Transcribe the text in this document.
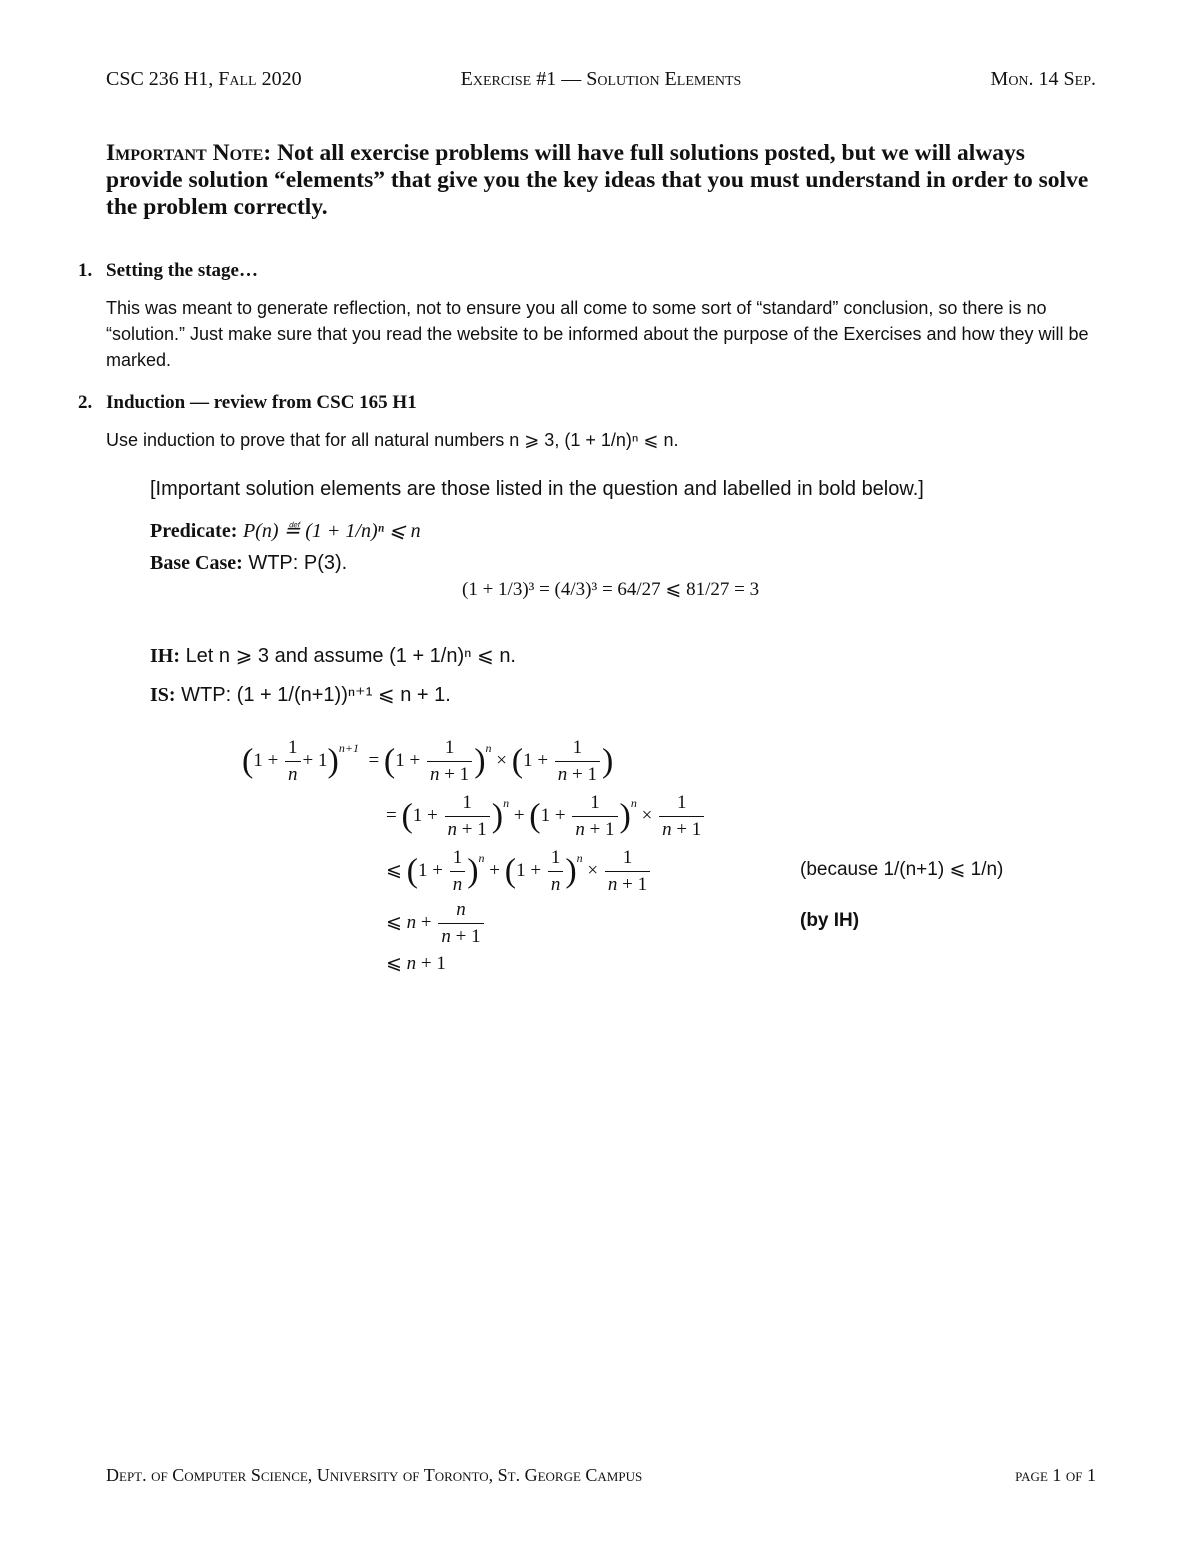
CSC 236 H1, Fall 2020	Exercise #1 — Solution Elements	Mon. 14 Sep.
Important Note: Not all exercise problems will have full solutions posted, but we will always provide solution “elements” that give you the key ideas that you must understand in order to solve the problem correctly.
1. Setting the stage…
This was meant to generate reflection, not to ensure you all come to some sort of “standard” conclusion, so there is no “solution.” Just make sure that you read the website to be informed about the purpose of the Exercises and how they will be marked.
2. Induction — review from CSC 165 H1
Use induction to prove that for all natural numbers n ⩾ 3, (1 + 1/n)ⁿ ⩽ n.
[Important solution elements are those listed in the question and labelled in bold below.]
Predicate: P(n) ≝ (1 + 1/n)ⁿ ⩽ n
Base Case: WTP: P(3).
(1 + 1/3)³ = (4/3)³ = 64/27 ⩽ 81/27 = 3
IH: Let n ⩾ 3 and assume (1 + 1/n)ⁿ ⩽ n.
IS: WTP: (1 + 1/(n+1))ⁿ⁺¹ ⩽ n + 1.
$(1 + \frac{1}{n} + 1)^{n+1} = (1 + \frac{1}{n + 1} )^n \times (1 + \frac{1}{n + 1}$ )
= $(1 + \frac{1}{n + 1} )^n + (1 + \frac{1}{n + 1} )^n \times \frac{1}{n + 1}$
⩽ $(1 + \frac{1}{n} )^n + (1 + \frac{1}{n} )^n \times \frac{1}{n + 1}$	(because 1/(n+1) ⩽ 1/n)
⩽ $n + \frac{n}{n + 1}$	(by IH)
⩽ n + 1
Dept. of Computer Science, University of Toronto, St. George Campus	page 1 of 1
